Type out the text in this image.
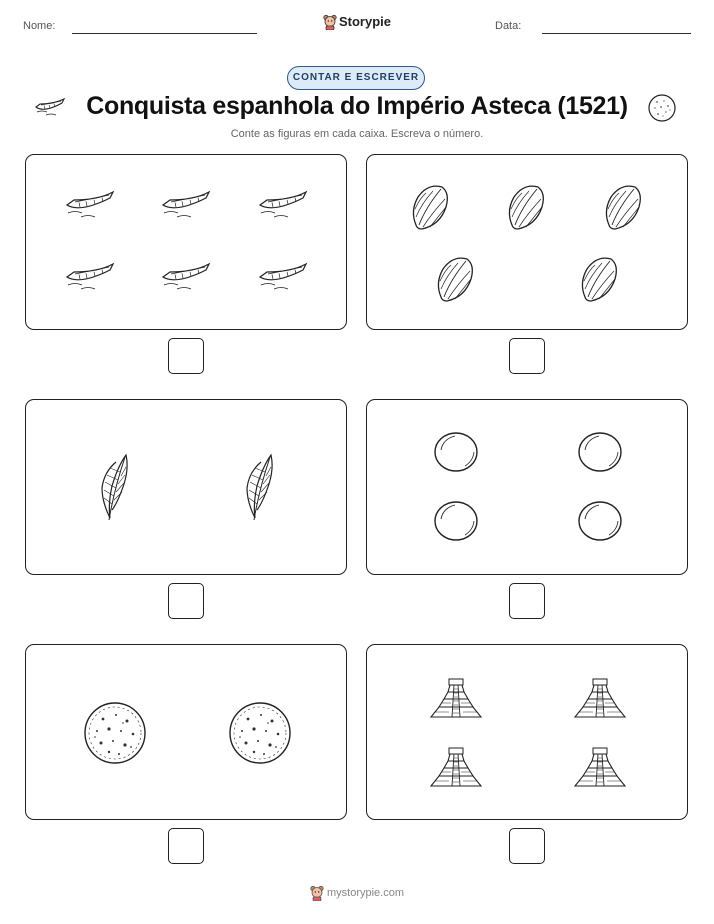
Nome:	Storypie	Data:
CONTAR E ESCREVER
Conquista espanhola do Império Asteca (1521)
Conte as figuras em cada caixa. Escreva o número.
mystorypie.com
